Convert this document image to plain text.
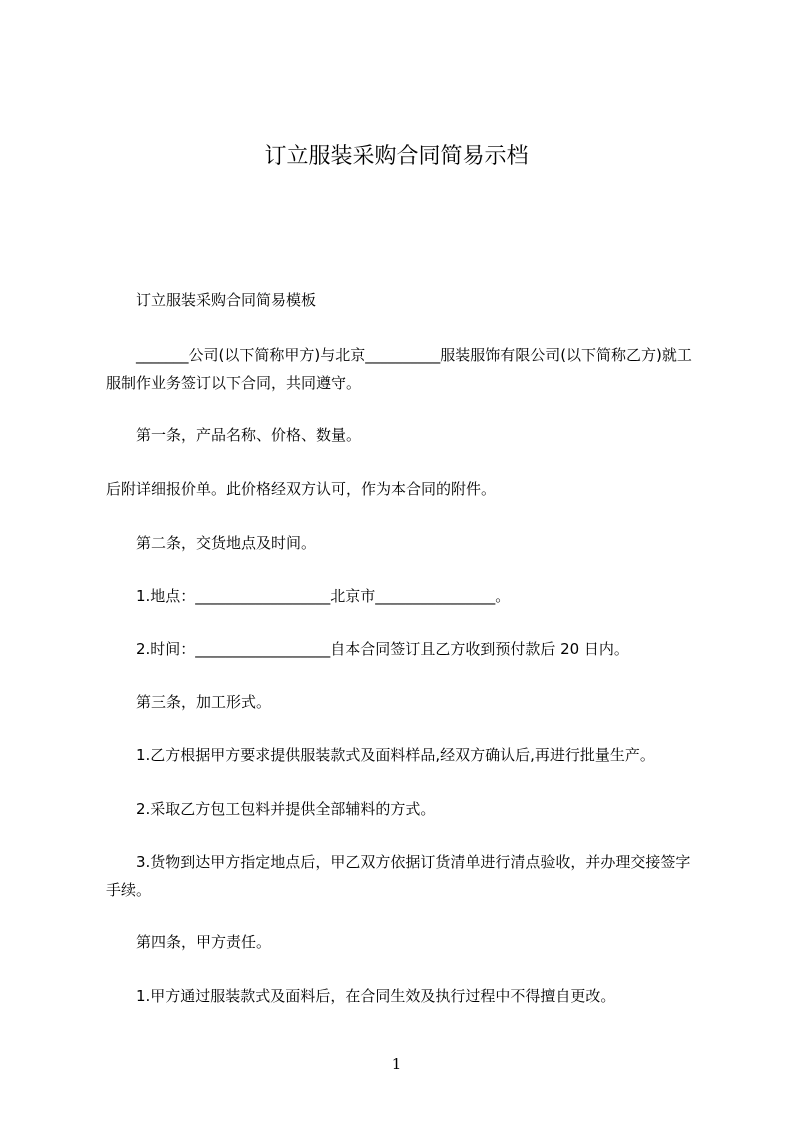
订立服装采购合同简易示档
订立服装采购合同简易模板
_______公司(以下简称甲方)与北京__________服装服饰有限公司(以下简称乙方)就工服制作业务签订以下合同，共同遵守。
第一条，产品名称、价格、数量。
后附详细报价单。此价格经双方认可，作为本合同的附件。
第二条，交货地点及时间。
1.地点：__________________北京市________________。
2.时间：__________________自本合同签订且乙方收到预付款后 20 日内。
第三条，加工形式。
1.乙方根据甲方要求提供服装款式及面料样品,经双方确认后,再进行批量生产。
2.采取乙方包工包料并提供全部辅料的方式。
3.货物到达甲方指定地点后，甲乙双方依据订货清单进行清点验收，并办理交接签字手续。
第四条，甲方责任。
1.甲方通过服装款式及面料后，在合同生效及执行过程中不得擅自更改。
1
